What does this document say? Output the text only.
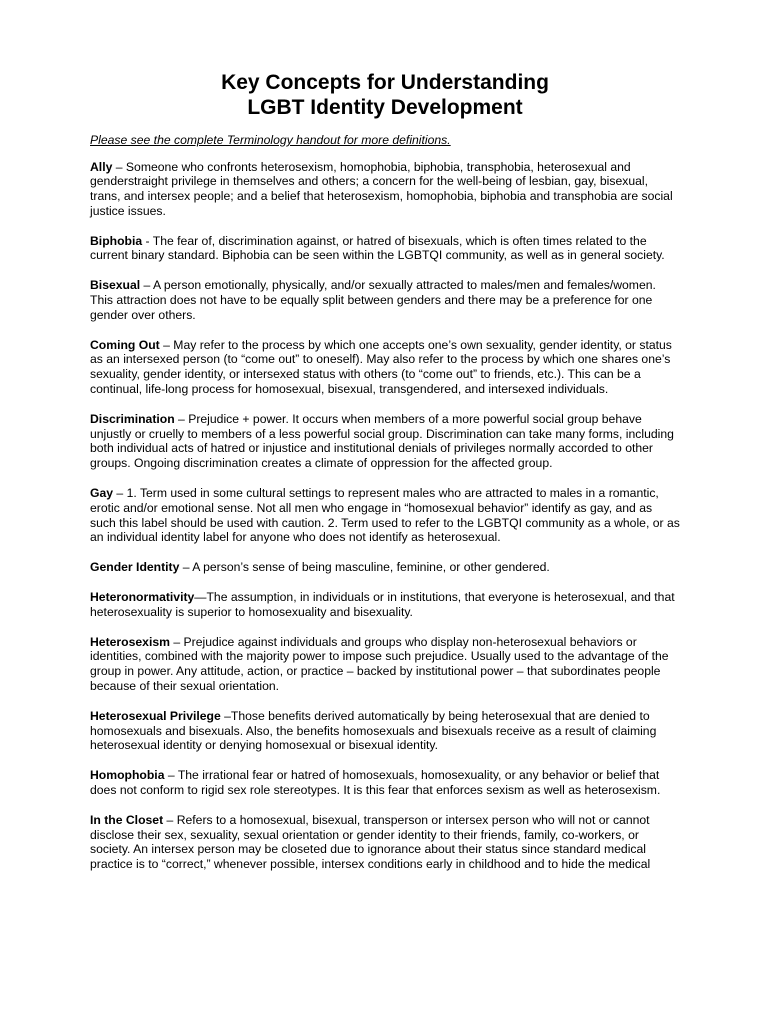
Key Concepts for Understanding
LGBT Identity Development

Please see the complete Terminology handout for more definitions.

Ally – Someone who confronts heterosexism, homophobia, biphobia, transphobia, heterosexual and genderstraight privilege in themselves and others; a concern for the well-being of lesbian, gay, bisexual, trans, and intersex people; and a belief that heterosexism, homophobia, biphobia and transphobia are social justice issues.

Biphobia - The fear of, discrimination against, or hatred of bisexuals, which is often times related to the current binary standard. Biphobia can be seen within the LGBTQI community, as well as in general society.

Bisexual – A person emotionally, physically, and/or sexually attracted to males/men and females/women. This attraction does not have to be equally split between genders and there may be a preference for one gender over others.

Coming Out – May refer to the process by which one accepts one’s own sexuality, gender identity, or status as an intersexed person (to “come out” to oneself). May also refer to the process by which one shares one’s sexuality, gender identity, or intersexed status with others (to “come out” to friends, etc.). This can be a continual, life-long process for homosexual, bisexual, transgendered, and intersexed individuals.

Discrimination – Prejudice + power. It occurs when members of a more powerful social group behave unjustly or cruelly to members of a less powerful social group. Discrimination can take many forms, including both individual acts of hatred or injustice and institutional denials of privileges normally accorded to other groups. Ongoing discrimination creates a climate of oppression for the affected group.

Gay – 1. Term used in some cultural settings to represent males who are attracted to males in a romantic, erotic and/or emotional sense. Not all men who engage in “homosexual behavior” identify as gay, and as such this label should be used with caution. 2. Term used to refer to the LGBTQI community as a whole, or as an individual identity label for anyone who does not identify as heterosexual.

Gender Identity – A person’s sense of being masculine, feminine, or other gendered.

Heteronormativity—The assumption, in individuals or in institutions, that everyone is heterosexual, and that heterosexuality is superior to homosexuality and bisexuality.

Heterosexism – Prejudice against individuals and groups who display non-heterosexual behaviors or identities, combined with the majority power to impose such prejudice. Usually used to the advantage of the group in power. Any attitude, action, or practice – backed by institutional power – that subordinates people because of their sexual orientation.

Heterosexual Privilege –Those benefits derived automatically by being heterosexual that are denied to homosexuals and bisexuals. Also, the benefits homosexuals and bisexuals receive as a result of claiming heterosexual identity or denying homosexual or bisexual identity.

Homophobia – The irrational fear or hatred of homosexuals, homosexuality, or any behavior or belief that does not conform to rigid sex role stereotypes. It is this fear that enforces sexism as well as heterosexism.

In the Closet – Refers to a homosexual, bisexual, transperson or intersex person who will not or cannot disclose their sex, sexuality, sexual orientation or gender identity to their friends, family, co-workers, or society. An intersex person may be closeted due to ignorance about their status since standard medical practice is to “correct,” whenever possible, intersex conditions early in childhood and to hide the medical
